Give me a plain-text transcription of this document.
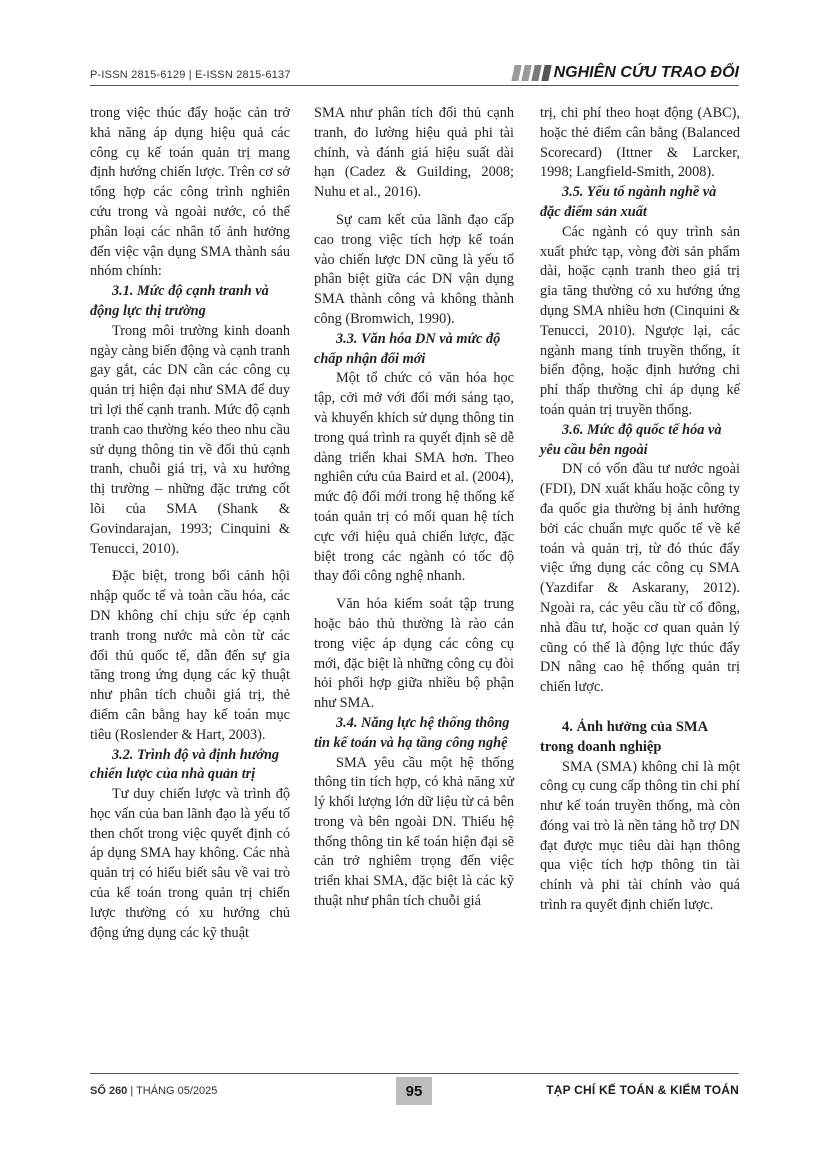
P-ISSN 2815-6129 | E-ISSN 2815-6137	NGHIÊN CỨU TRAO ĐỔI

trong việc thúc đẩy hoặc cản trở khả năng áp dụng hiệu quả các công cụ kế toán quản trị mang định hướng chiến lược. Trên cơ sở tổng hợp các công trình nghiên cứu trong và ngoài nước, có thể phân loại các nhân tố ảnh hưởng đến việc vận dụng SMA thành sáu nhóm chính:

3.1. Mức độ cạnh tranh và động lực thị trường

Trong môi trường kinh doanh ngày càng biến động và cạnh tranh gay gắt, các DN cần các công cụ quản trị hiện đại như SMA để duy trì lợi thế cạnh tranh. Mức độ cạnh tranh cao thường kéo theo nhu cầu sử dụng thông tin về đối thủ cạnh tranh, chuỗi giá trị, và xu hướng thị trường – những đặc trưng cốt lõi của SMA (Shank & Govindarajan, 1993; Cinquini & Tenucci, 2010).

Đặc biệt, trong bối cảnh hội nhập quốc tế và toàn cầu hóa, các DN không chỉ chịu sức ép cạnh tranh trong nước mà còn từ các đối thủ quốc tế, dẫn đến sự gia tăng trong ứng dụng các kỹ thuật như phân tích chuỗi giá trị, thẻ điểm cân bằng hay kế toán mục tiêu (Roslender & Hart, 2003).

3.2. Trình độ và định hướng chiến lược của nhà quản trị

Tư duy chiến lược và trình độ học vấn của ban lãnh đạo là yếu tố then chốt trong việc quyết định có áp dụng SMA hay không. Các nhà quản trị có hiểu biết sâu về vai trò của kế toán trong quản trị chiến lược thường có xu hướng chủ động ứng dụng các kỹ thuật

SMA như phân tích đối thủ cạnh tranh, đo lường hiệu quả phi tài chính, và đánh giá hiệu suất dài hạn (Cadez & Guilding, 2008; Nuhu et al., 2016).

Sự cam kết của lãnh đạo cấp cao trong việc tích hợp kế toán vào chiến lược DN cũng là yếu tố phân biệt giữa các DN vận dụng SMA thành công và không thành công (Bromwich, 1990).

3.3. Văn hóa DN và mức độ chấp nhận đổi mới

Một tổ chức có văn hóa học tập, cởi mở với đổi mới sáng tạo, và khuyến khích sử dụng thông tin trong quá trình ra quyết định sẽ dễ dàng triển khai SMA hơn. Theo nghiên cứu của Baird et al. (2004), mức độ đổi mới trong hệ thống kế toán quản trị có mối quan hệ tích cực với hiệu quả chiến lược, đặc biệt trong các ngành có tốc độ thay đổi công nghệ nhanh.

Văn hóa kiểm soát tập trung hoặc bảo thủ thường là rào cản trong việc áp dụng các công cụ mới, đặc biệt là những công cụ đòi hỏi phối hợp giữa nhiều bộ phận như SMA.

3.4. Năng lực hệ thống thông tin kế toán và hạ tầng công nghệ

SMA yêu cầu một hệ thống thông tin tích hợp, có khả năng xử lý khối lượng lớn dữ liệu từ cả bên trong và bên ngoài DN. Thiếu hệ thống thông tin kế toán hiện đại sẽ cản trở nghiêm trọng đến việc triển khai SMA, đặc biệt là các kỹ thuật như phân tích chuỗi giá

trị, chi phí theo hoạt động (ABC), hoặc thẻ điểm cân bằng (Balanced Scorecard) (Ittner & Larcker, 1998; Langfield-Smith, 2008).

3.5. Yếu tố ngành nghề và đặc điểm sản xuất

Các ngành có quy trình sản xuất phức tạp, vòng đời sản phẩm dài, hoặc cạnh tranh theo giá trị gia tăng thường có xu hướng ứng dụng SMA nhiều hơn (Cinquini & Tenucci, 2010). Ngược lại, các ngành mang tính truyền thống, ít biến động, hoặc định hướng chi phí thấp thường chỉ áp dụng kế toán quản trị truyền thống.

3.6. Mức độ quốc tế hóa và yêu cầu bên ngoài

DN có vốn đầu tư nước ngoài (FDI), DN xuất khẩu hoặc công ty đa quốc gia thường bị ảnh hưởng bởi các chuẩn mực quốc tế về kế toán và quản trị, từ đó thúc đẩy việc ứng dụng các công cụ SMA (Yazdifar & Askarany, 2012). Ngoài ra, các yêu cầu từ cổ đông, nhà đầu tư, hoặc cơ quan quản lý cũng có thể là động lực thúc đẩy DN nâng cao hệ thống quản trị chiến lược.

4. Ảnh hưởng của SMA trong doanh nghiệp

SMA (SMA) không chỉ là một công cụ cung cấp thông tin chi phí như kế toán truyền thống, mà còn đóng vai trò là nền tảng hỗ trợ DN đạt được mục tiêu dài hạn thông qua việc tích hợp thông tin tài chính và phi tài chính vào quá trình ra quyết định chiến lược.

SỐ 260 | THÁNG 05/2025	95	TẠP CHÍ KẾ TOÁN & KIỂM TOÁN
